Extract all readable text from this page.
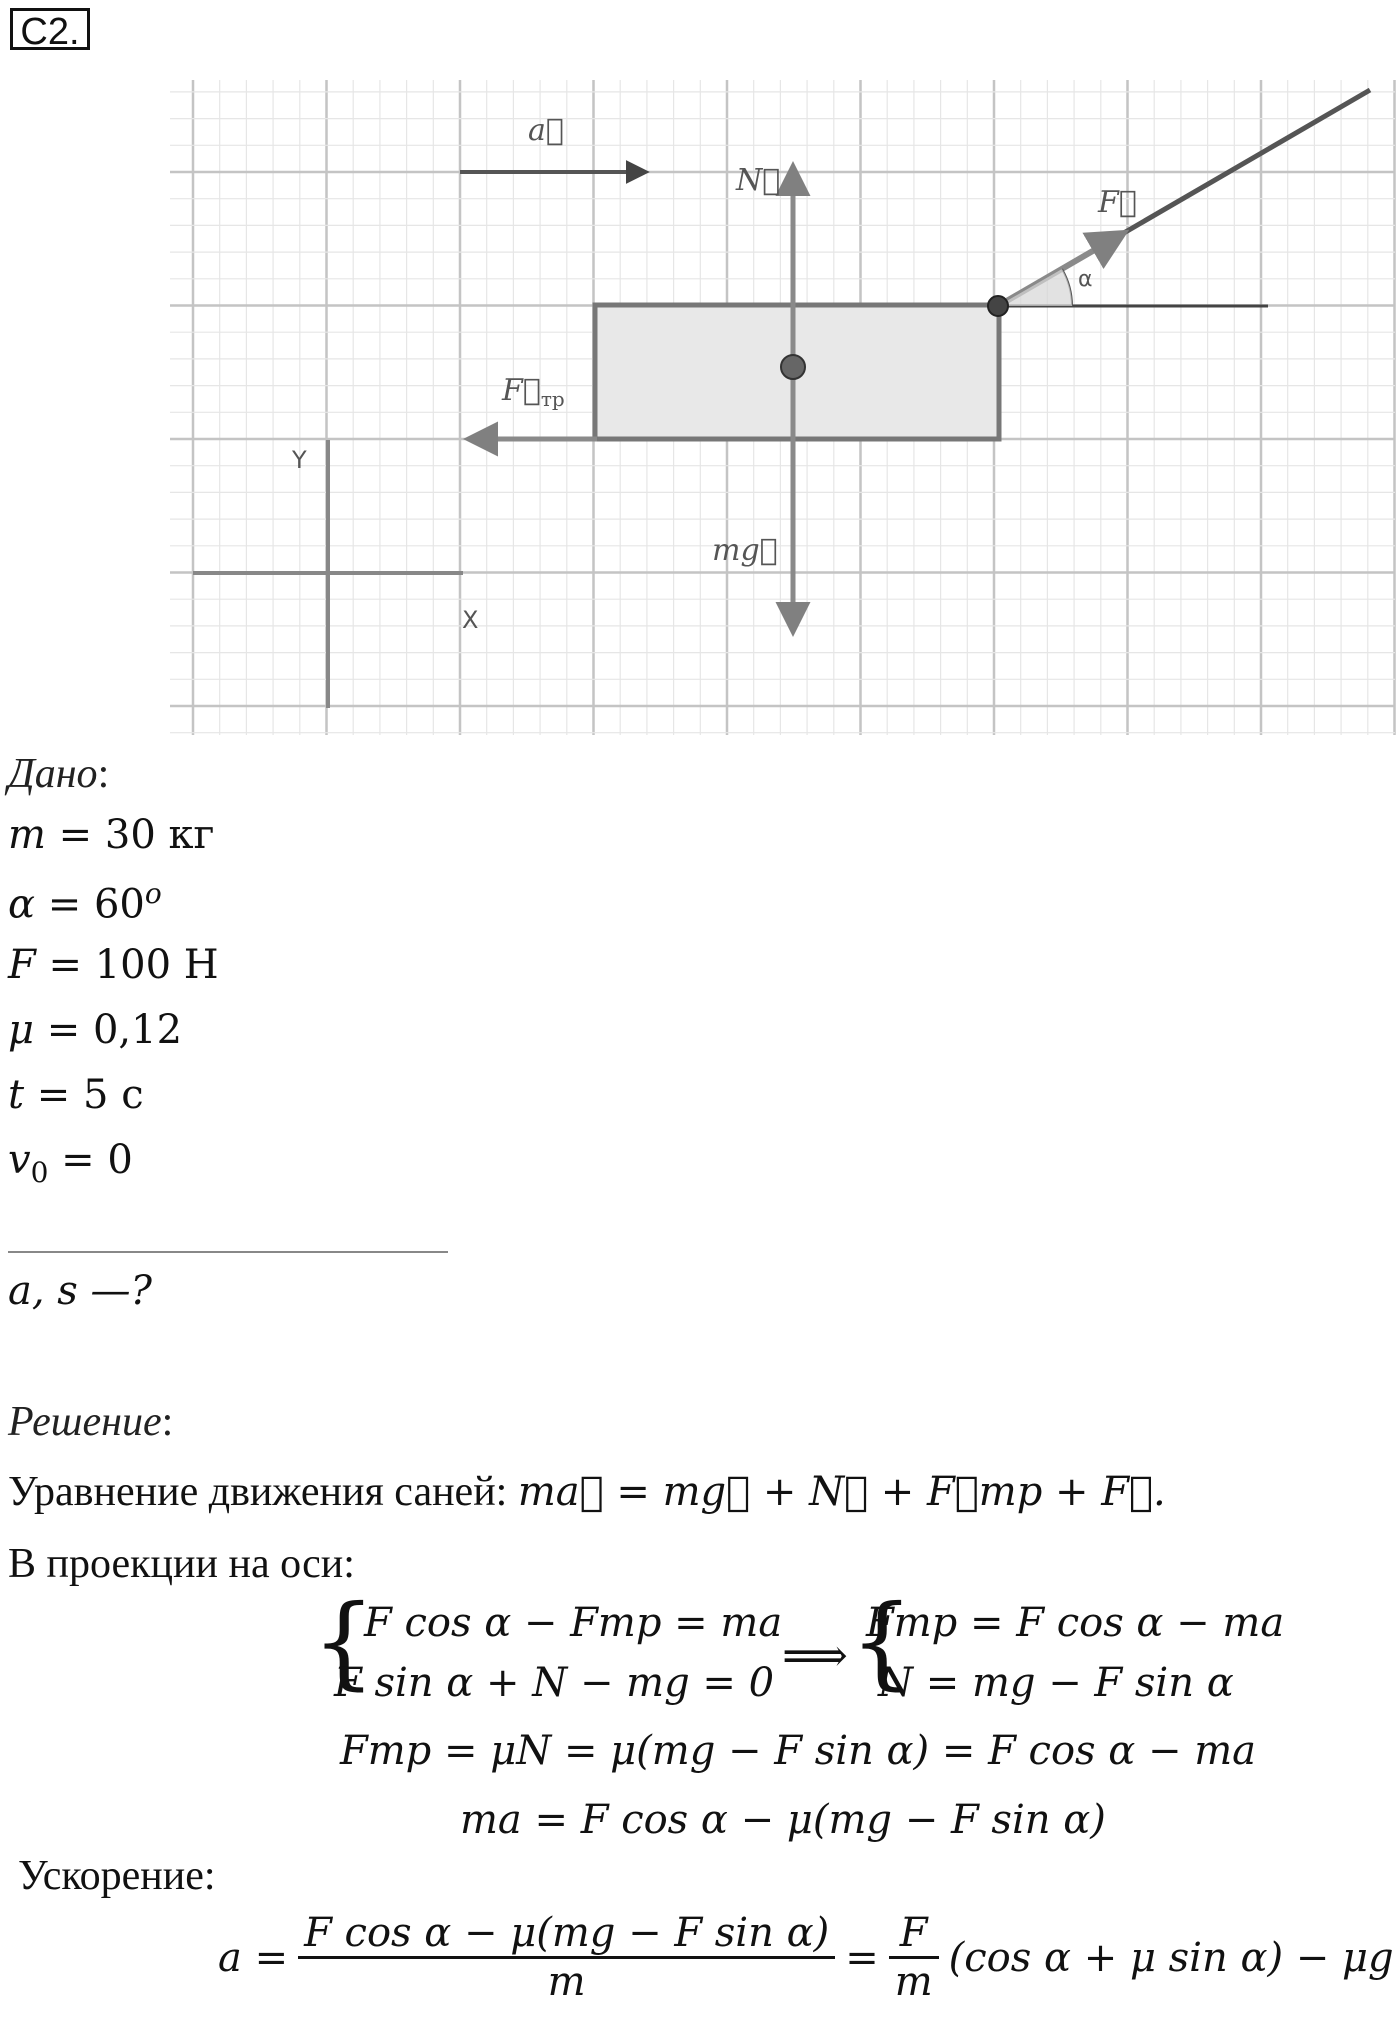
C2.
a⃗
N⃗
F⃗
α
$F⃗_{тр}$
mg⃗
Y
X
Дано:
m = 30 кг
$\alpha = 60^o$
F = 100 Н
μ = 0,12
t = 5 с
$v_0 = 0$
a, s —?
Решение:
Уравнение движения саней: ma⃗ = mg⃗ + N⃗ + F⃗тр + F⃗.
В проекции на оси:
{
F cos α − Fтр = ma
F sin α + N − mg = 0
⟹ {
Fтр = F cos α − ma
N = mg − F sin α
Fтр = μN = μ(mg − F sin α) = F cos α − ma
ma = F cos α − μ(mg − F sin α)
Ускорение:
$a = \frac{\text{F cos α − μ(mg − F sin α)}}{m} = \frac{F}{m} (\cos$ α + μ sin α) − μg
